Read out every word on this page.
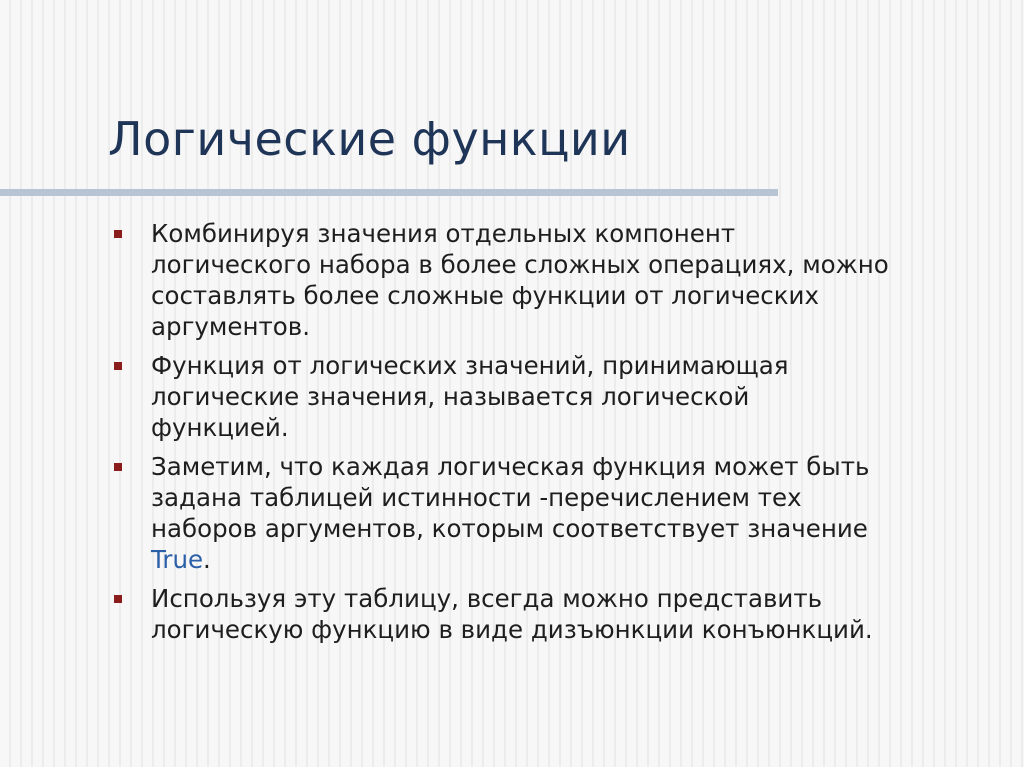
Логические функции
Комбинируя значения отдельных компонент
логического набора в более сложных операциях, можно
составлять более сложные функции от логических
аргументов.
Функция от логических значений, принимающая
логические значения, называется логической
функцией.
Заметим, что каждая логическая функция может быть
задана таблицей истинности -перечислением тех
наборов аргументов, которым соответствует значение
True.
Используя эту таблицу, всегда можно представить
логическую функцию в виде дизъюнкции конъюнкций.
